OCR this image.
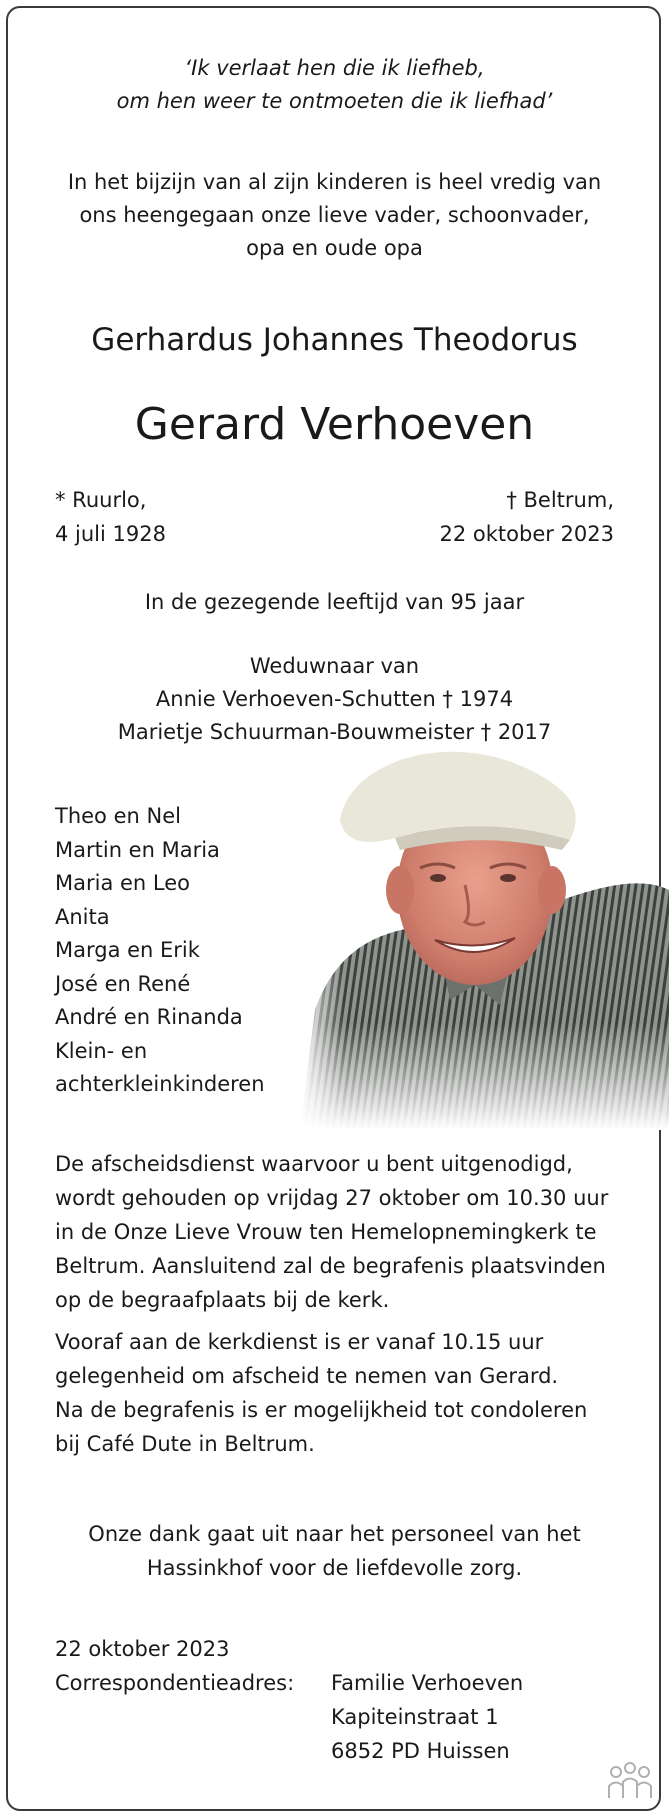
‘Ik verlaat hen die ik liefheb,
om hen weer te ontmoeten die ik liefhad’
In het bijzijn van al zijn kinderen is heel vredig van
ons heengegaan onze lieve vader, schoonvader,
opa en oude opa
Gerhardus Johannes Theodorus
Gerard Verhoeven
* Ruurlo,
4 juli 1928
† Beltrum,
22 oktober 2023
In de gezegende leeftijd van 95 jaar
Weduwnaar van
Annie Verhoeven-Schutten † 1974
Marietje Schuurman-Bouwmeister † 2017
Theo en Nel
Martin en Maria
Maria en Leo
Anita
Marga en Erik
José en René
André en Rinanda
Klein- en
achterkleinkinderen
De afscheidsdienst waarvoor u bent uitgenodigd,
wordt gehouden op vrijdag 27 oktober om 10.30 uur
in de Onze Lieve Vrouw ten Hemelopnemingkerk te
Beltrum. Aansluitend zal de begrafenis plaatsvinden
op de begraafplaats bij de kerk.
Vooraf aan de kerkdienst is er vanaf 10.15 uur
gelegenheid om afscheid te nemen van Gerard.
Na de begrafenis is er mogelijkheid tot condoleren
bij Café Dute in Beltrum.
Onze dank gaat uit naar het personeel van het
Hassinkhof voor de liefdevolle zorg.
22 oktober 2023
Correspondentieadres: Familie Verhoeven
Kapiteinstraat 1
6852 PD Huissen
